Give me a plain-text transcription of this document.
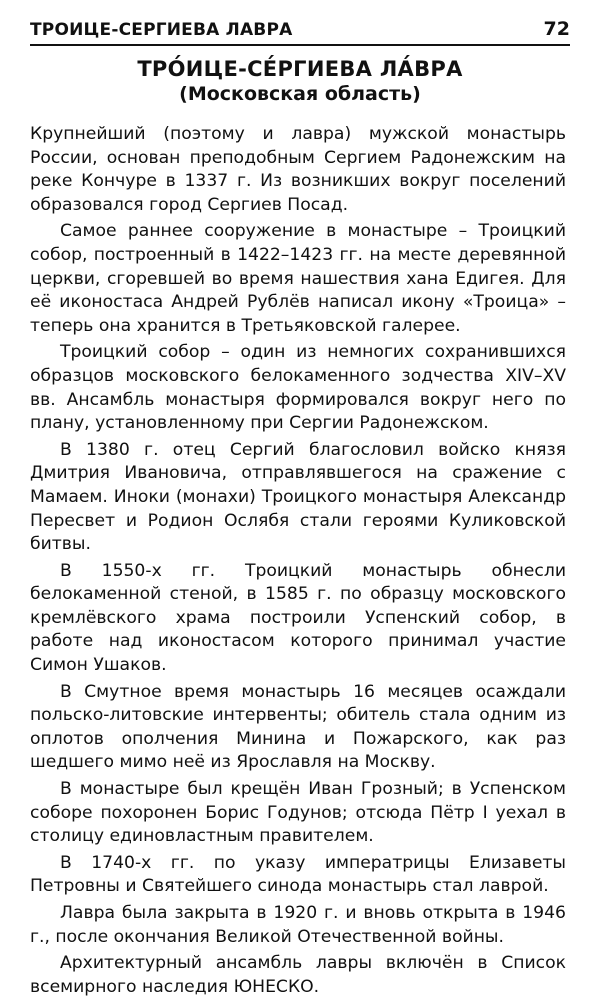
ТРОИЦЕ-СЕРГИЕВА ЛАВРА	72
ТРО́ИЦЕ-СЕ́РГИЕВА ЛА́ВРА
(Московская область)

Крупнейший (поэтому и лавра) мужской монастырь России, основан преподобным Сергием Радонежским на реке Кончуре в 1337 г. Из возникших вокруг поселений образовался город Сергиев Посад.

Самое раннее сооружение в монастыре – Троицкий собор, построенный в 1422–1423 гг. на месте деревянной церкви, сгоревшей во время нашествия хана Едигея. Для её иконостаса Андрей Рублёв написал икону «Троица» – теперь она хранится в Третьяковской галерее.

Троицкий собор – один из немногих сохранившихся образцов московского белокаменного зодчества XIV–XV вв. Ансамбль монастыря формировался вокруг него по плану, установленному при Сергии Радонежском.

В 1380 г. отец Сергий благословил войско князя Дмитрия Ивановича, отправлявшегося на сражение с Мамаем. Иноки (монахи) Троицкого монастыря Александр Пересвет и Родион Ослябя стали героями Куликовской битвы.

В 1550-х гг. Троицкий монастырь обнесли белокаменной стеной, в 1585 г. по образцу московского кремлёвского храма построили Успенский собор, в работе над иконостасом которого принимал участие Симон Ушаков.

В Смутное время монастырь 16 месяцев осаждали польско-литовские интервенты; обитель стала одним из оплотов ополчения Минина и Пожарского, как раз шедшего мимо неё из Ярославля на Москву.

В монастыре был крещён Иван Грозный; в Успенском соборе похоронен Борис Годунов; отсюда Пётр I уехал в столицу единовластным правителем.

В 1740-х гг. по указу императрицы Елизаветы Петровны и Святейшего синода монастырь стал лаврой.

Лавра была закрыта в 1920 г. и вновь открыта в 1946 г., после окончания Великой Отечественной войны.

Архитектурный ансамбль лавры включён в Список всемирного наследия ЮНЕСКО.
